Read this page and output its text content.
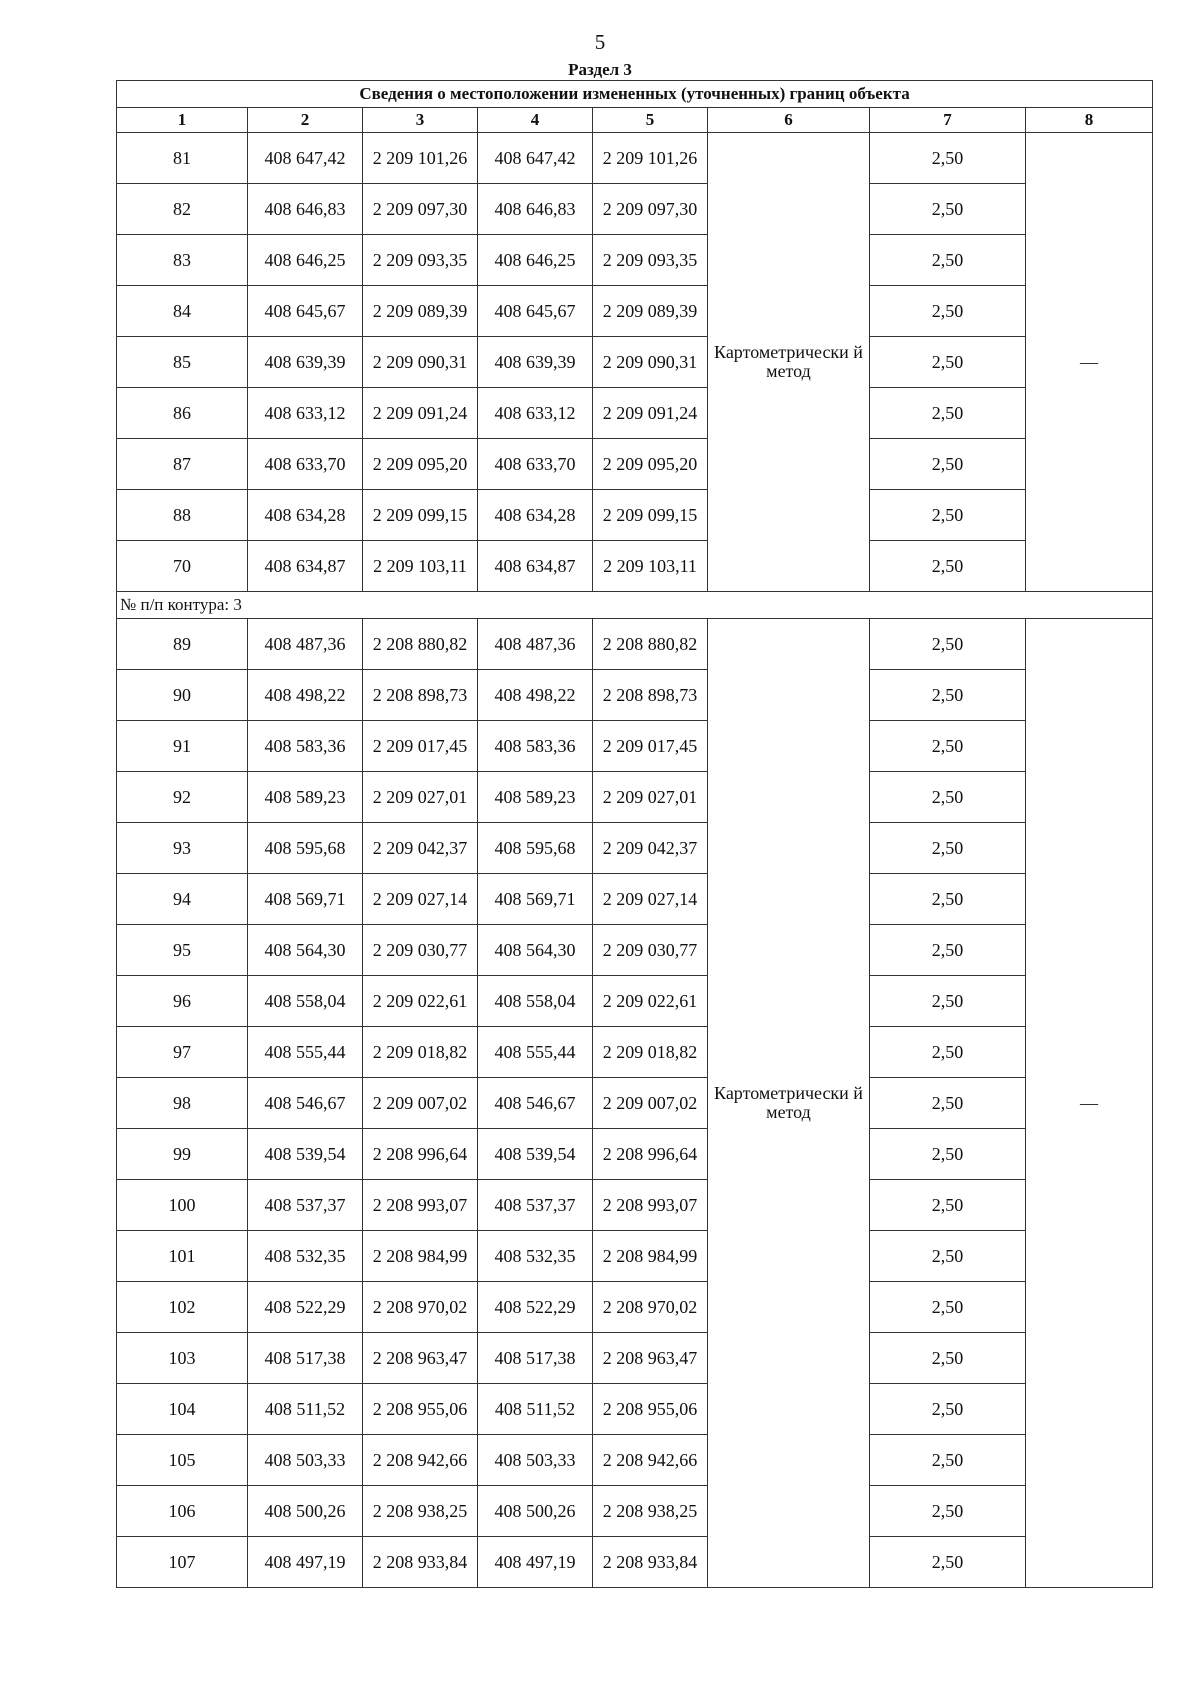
5
Раздел 3
Сведения о местоположении измененных (уточненных) границ объекта							
1	2	3	4	5	6	7	8
81	408 647,42	2 209 101,26	408 647,42	2 209 101,26	Картометрически й метод	2,50	—
82	408 646,83	2 209 097,30	408 646,83	2 209 097,30		2,50	
83	408 646,25	2 209 093,35	408 646,25	2 209 093,35		2,50	
84	408 645,67	2 209 089,39	408 645,67	2 209 089,39		2,50	
85	408 639,39	2 209 090,31	408 639,39	2 209 090,31		2,50	
86	408 633,12	2 209 091,24	408 633,12	2 209 091,24		2,50	
87	408 633,70	2 209 095,20	408 633,70	2 209 095,20		2,50	
88	408 634,28	2 209 099,15	408 634,28	2 209 099,15		2,50	
70	408 634,87	2 209 103,11	408 634,87	2 209 103,11		2,50	
№ п/п контура: 3							
89	408 487,36	2 208 880,82	408 487,36	2 208 880,82	Картометрически й метод	2,50	—
90	408 498,22	2 208 898,73	408 498,22	2 208 898,73		2,50	
91	408 583,36	2 209 017,45	408 583,36	2 209 017,45		2,50	
92	408 589,23	2 209 027,01	408 589,23	2 209 027,01		2,50	
93	408 595,68	2 209 042,37	408 595,68	2 209 042,37		2,50	
94	408 569,71	2 209 027,14	408 569,71	2 209 027,14		2,50	
95	408 564,30	2 209 030,77	408 564,30	2 209 030,77		2,50	
96	408 558,04	2 209 022,61	408 558,04	2 209 022,61		2,50	
97	408 555,44	2 209 018,82	408 555,44	2 209 018,82		2,50	
98	408 546,67	2 209 007,02	408 546,67	2 209 007,02		2,50	
99	408 539,54	2 208 996,64	408 539,54	2 208 996,64		2,50	
100	408 537,37	2 208 993,07	408 537,37	2 208 993,07		2,50	
101	408 532,35	2 208 984,99	408 532,35	2 208 984,99		2,50	
102	408 522,29	2 208 970,02	408 522,29	2 208 970,02		2,50	
103	408 517,38	2 208 963,47	408 517,38	2 208 963,47		2,50	
104	408 511,52	2 208 955,06	408 511,52	2 208 955,06		2,50	
105	408 503,33	2 208 942,66	408 503,33	2 208 942,66		2,50	
106	408 500,26	2 208 938,25	408 500,26	2 208 938,25		2,50	
107	408 497,19	2 208 933,84	408 497,19	2 208 933,84		2,50	
